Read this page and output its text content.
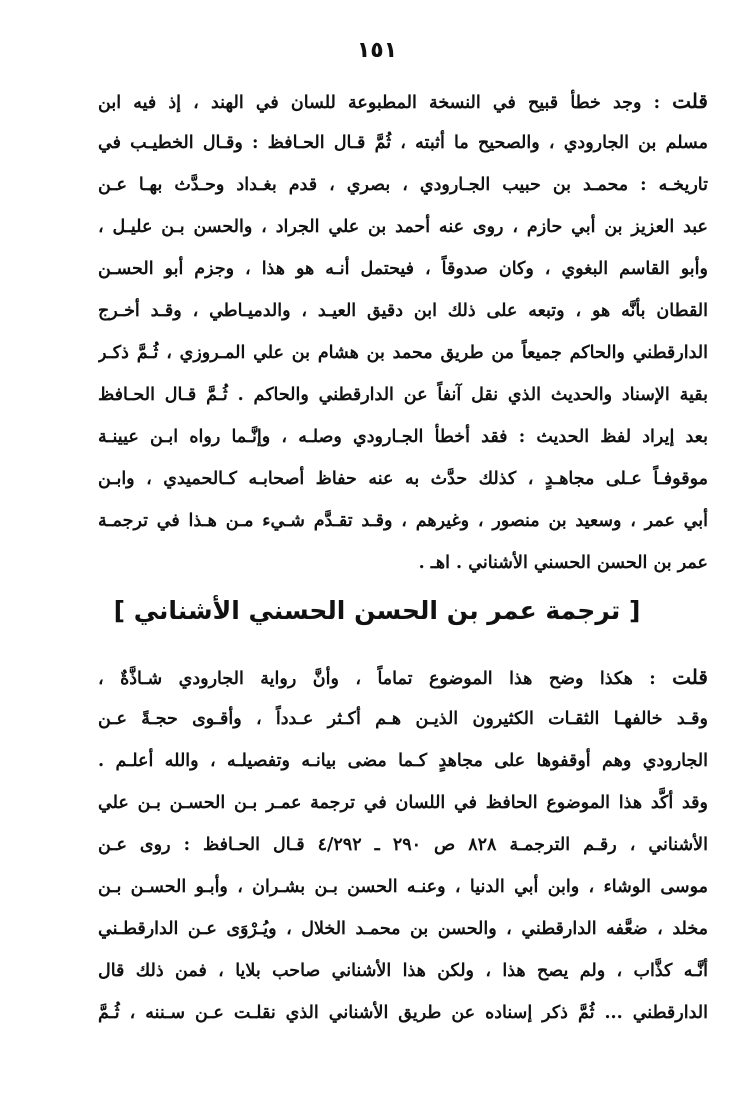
١٥١
قلت : وجد خطأ قبيح في النسخة المطبوعة للسان في الهند ، إذ فيه ابن
مسلم بن الجارودي ، والصحيح ما أثبته ، ثُمَّ قـال الحـافظ : وقـال الخطيـب في
تاريخـه : محمـد بن حبيب الجـارودي ، بصري ، قدم بغـداد وحـدَّث بهـا عـن
عبد العزيز بن أبي حازم ، روى عنه أحمد بن علي الجراد ، والحسن بـن عليـل ،
وأبو القاسم البغوي ، وكان صدوقاً ، فيحتمل أنـه هو هذا ، وجزم أبو الحسـن
القطان بأنَّه هو ، وتبعه على ذلك ابن دقيق العيـد ، والدميـاطي ، وقـد أخـرج
الدارقطني والحاكم جميعاً من طريق محمد بن هشام بن علي المـروزي ، ثُـمَّ ذكـر
بقية الإسناد والحديث الذي نقل آنفاً عن الدارقطني والحاكم . ثُـمَّ قـال الحـافظ
بعد إيراد لفظ الحديث : فقد أخطأ الجـارودي وصلـه ، وإنَّـما رواه ابـن عيينـة
موقوفـاً عـلى مجاهـدٍ ، كذلك حدَّث به عنه حفاظ أصحابـه كـالحميدي ، وابـن
أبي عمر ، وسعيد بن منصور ، وغيرهم ، وقـد تقـدَّم شـيء مـن هـذا في ترجمـة
عمر بن الحسن الحسني الأشناني . اهـ .
[ ترجمة عمر بن الحسن الحسني الأشناني ]
قلت : هكذا وضح هذا الموضوع تماماً ، وأنَّ رواية الجارودي شـاذَّةٌ ،
وقـد خالفهـا الثقـات الكثيرون الذيـن هـم أكـثر عـدداً ، وأقـوى حجـةً عـن
الجارودي وهم أوقفوها على مجاهدٍ كـما مضى بيانـه وتفصيلـه ، والله أعلـم .
وقد أكَّد هذا الموضوع الحافظ في اللسان في ترجمة عمـر بـن الحسـن بـن علي
الأشناني ، رقـم الترجمـة ٨٢٨ ص ٢٩٠ ـ ٤/٢٩٢ قـال الحـافظ : روى عـن
موسى الوشاء ، وابن أبي الدنيا ، وعنـه الحسن بـن بشـران ، وأبـو الحسـن بـن
مخلد ، ضعَّفه الدارقطني ، والحسن بن محمـد الخلال ، ويُـرْوَى عـن الدارقطـني
أنَّـه كذَّاب ، ولم يصح هذا ، ولكن هذا الأشناني صاحب بلايا ، فمن ذلك قال
الدارقطني ... ثُمَّ ذكر إسناده عن طريق الأشناني الذي نقلـت عـن سـننه ، ثُـمَّ
